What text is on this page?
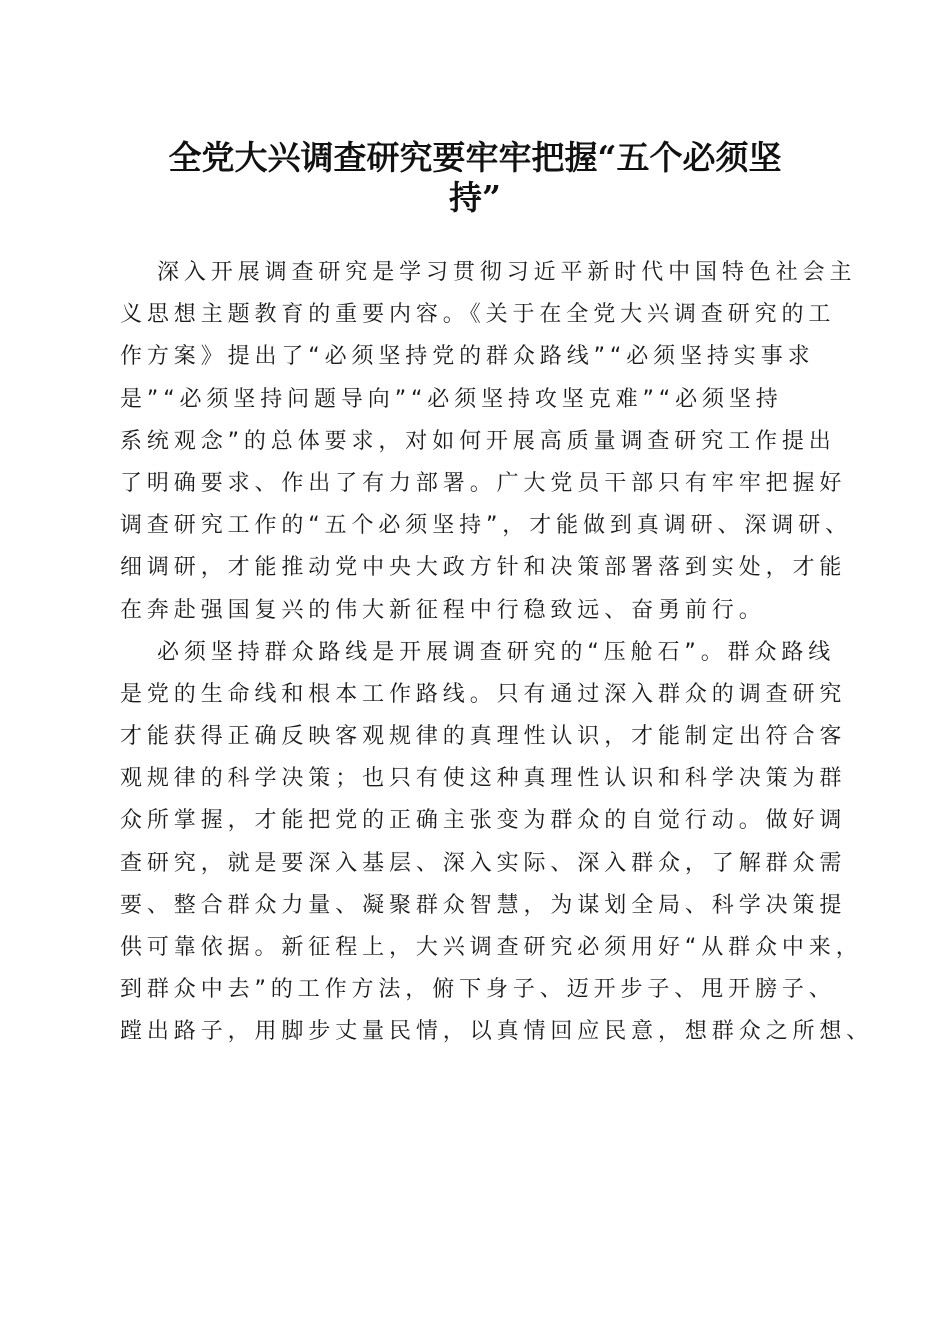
全党大兴调查研究要牢牢把握“五个必须坚
持”
深入开展调查研究是学习贯彻习近平新时代中国特色社会主
义思想主题教育的重要内容。《关于在全党大兴调查研究的工
作方案》提出了“必须坚持党的群众路线”“必须坚持实事求
是”“必须坚持问题导向”“必须坚持攻坚克难”“必须坚持
系统观念”的总体要求，对如何开展高质量调查研究工作提出
了明确要求、作出了有力部署。广大党员干部只有牢牢把握好
调查研究工作的“五个必须坚持”，才能做到真调研、深调研、
细调研，才能推动党中央大政方针和决策部署落到实处，才能
在奔赴强国复兴的伟大新征程中行稳致远、奋勇前行。
必须坚持群众路线是开展调查研究的“压舱石”。群众路线
是党的生命线和根本工作路线。只有通过深入群众的调查研究
才能获得正确反映客观规律的真理性认识，才能制定出符合客
观规律的科学决策；也只有使这种真理性认识和科学决策为群
众所掌握，才能把党的正确主张变为群众的自觉行动。做好调
查研究，就是要深入基层、深入实际、深入群众，了解群众需
要、整合群众力量、凝聚群众智慧，为谋划全局、科学决策提
供可靠依据。新征程上，大兴调查研究必须用好“从群众中来，
到群众中去”的工作方法，俯下身子、迈开步子、甩开膀子、
蹚出路子，用脚步丈量民情，以真情回应民意，想群众之所想、
